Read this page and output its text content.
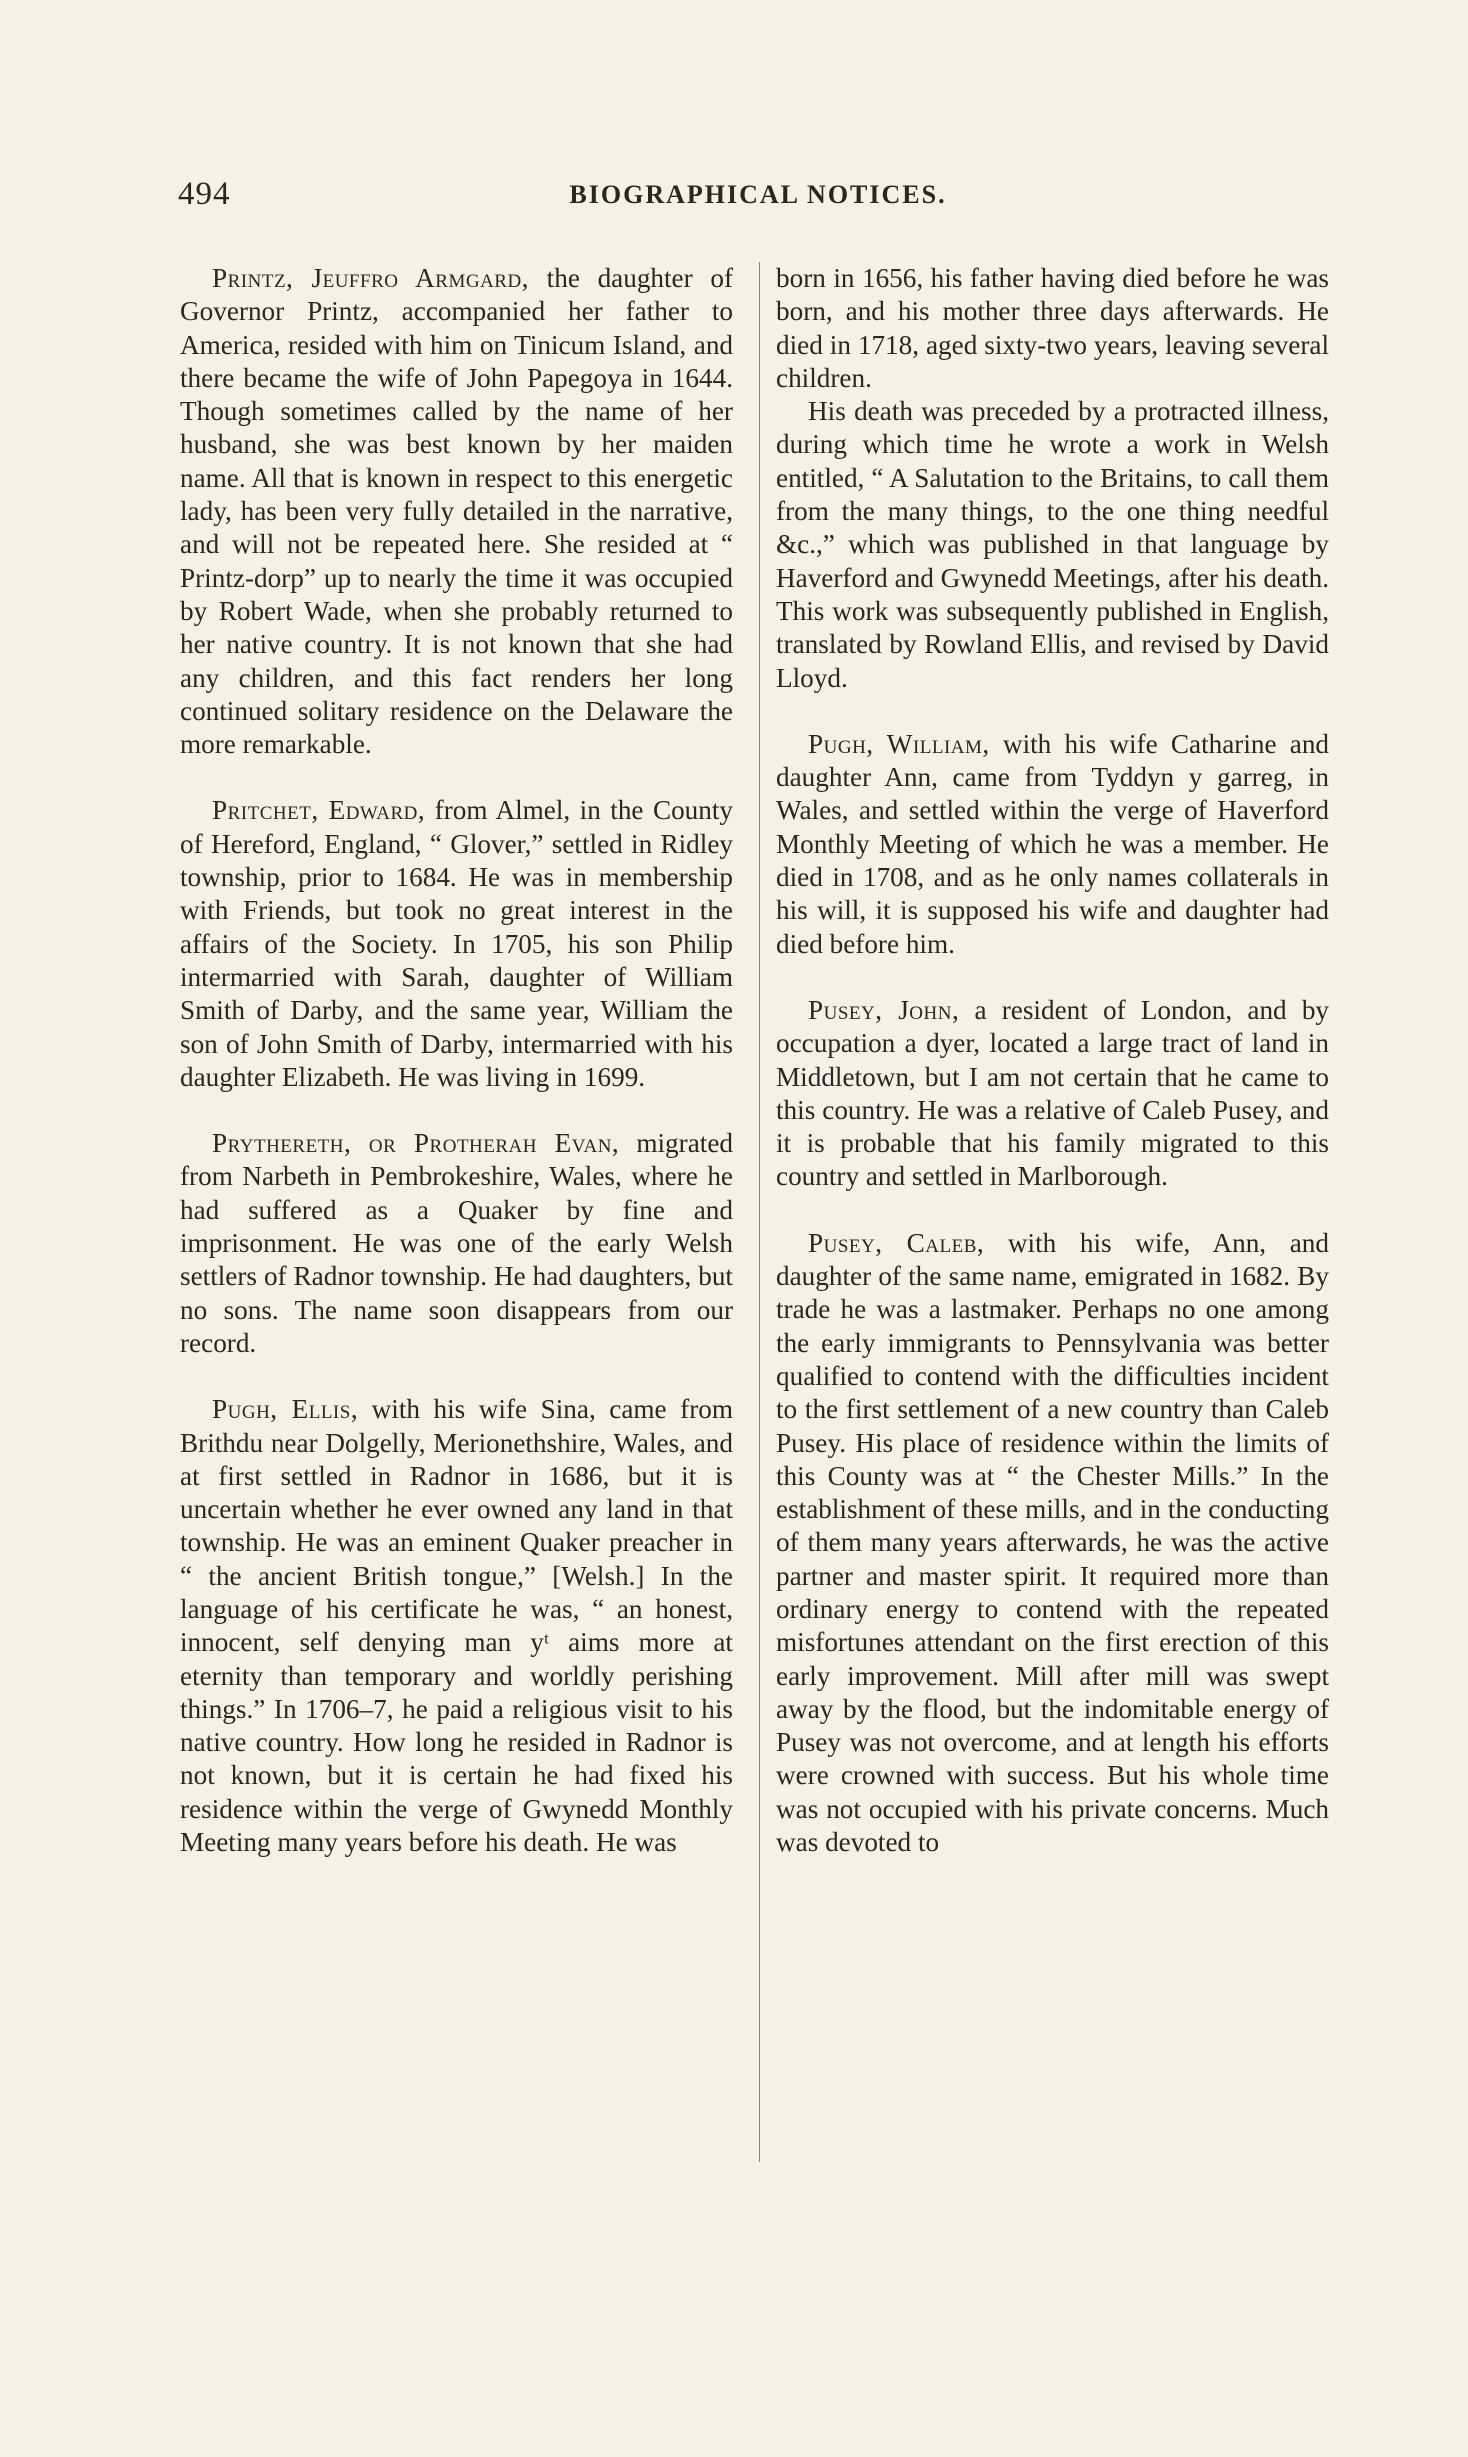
494	BIOGRAPHICAL NOTICES.

Printz, Jeuffro Armgard, the daughter of Governor Printz, accompanied her father to America, resided with him on Tinicum Island, and there became the wife of John Papegoya in 1644. Though sometimes called by the name of her husband, she was best known by her maiden name. All that is known in respect to this energetic lady, has been very fully detailed in the narrative, and will not be repeated here. She resided at “ Printz-dorp” up to nearly the time it was occupied by Robert Wade, when she probably returned to her native country. It is not known that she had any children, and this fact renders her long continued solitary residence on the Delaware the more remarkable.

Pritchet, Edward, from Almel, in the County of Hereford, England, “ Glover,” settled in Ridley township, prior to 1684. He was in membership with Friends, but took no great interest in the affairs of the Society. In 1705, his son Philip intermarried with Sarah, daughter of William Smith of Darby, and the same year, William the son of John Smith of Darby, intermarried with his daughter Elizabeth. He was living in 1699.

Prythereth, or Protherah Evan, migrated from Narbeth in Pembrokeshire, Wales, where he had suffered as a Quaker by fine and imprisonment. He was one of the early Welsh settlers of Radnor township. He had daughters, but no sons. The name soon disappears from our record.

Pugh, Ellis, with his wife Sina, came from Brithdu near Dolgelly, Merionethshire, Wales, and at first settled in Radnor in 1686, but it is uncertain whether he ever owned any land in that township. He was an eminent Quaker preacher in “ the ancient British tongue,” [Welsh.] In the language of his certificate he was, “ an honest, innocent, self denying man yᵗ aims more at eternity than temporary and worldly perishing things.” In 1706–7, he paid a religious visit to his native country. How long he resided in Radnor is not known, but it is certain he had fixed his residence within the verge of Gwynedd Monthly Meeting many years before his death. He was

born in 1656, his father having died before he was born, and his mother three days afterwards. He died in 1718, aged sixty-two years, leaving several children.

His death was preceded by a protracted illness, during which time he wrote a work in Welsh entitled, “ A Salutation to the Britains, to call them from the many things, to the one thing needful &c.,” which was published in that language by Haverford and Gwynedd Meetings, after his death. This work was subsequently published in English, translated by Rowland Ellis, and revised by David Lloyd.

Pugh, William, with his wife Catharine and daughter Ann, came from Tyddyn y garreg, in Wales, and settled within the verge of Haverford Monthly Meeting of which he was a member. He died in 1708, and as he only names collaterals in his will, it is supposed his wife and daughter had died before him.

Pusey, John, a resident of London, and by occupation a dyer, located a large tract of land in Middletown, but I am not certain that he came to this country. He was a relative of Caleb Pusey, and it is probable that his family migrated to this country and settled in Marlborough.

Pusey, Caleb, with his wife, Ann, and daughter of the same name, emigrated in 1682. By trade he was a lastmaker. Perhaps no one among the early immigrants to Pennsylvania was better qualified to contend with the difficulties incident to the first settlement of a new country than Caleb Pusey. His place of residence within the limits of this County was at “ the Chester Mills.” In the establishment of these mills, and in the conducting of them many years afterwards, he was the active partner and master spirit. It required more than ordinary energy to contend with the repeated misfortunes attendant on the first erection of this early improvement. Mill after mill was swept away by the flood, but the indomitable energy of Pusey was not overcome, and at length his efforts were crowned with success. But his whole time was not occupied with his private concerns. Much was devoted to
